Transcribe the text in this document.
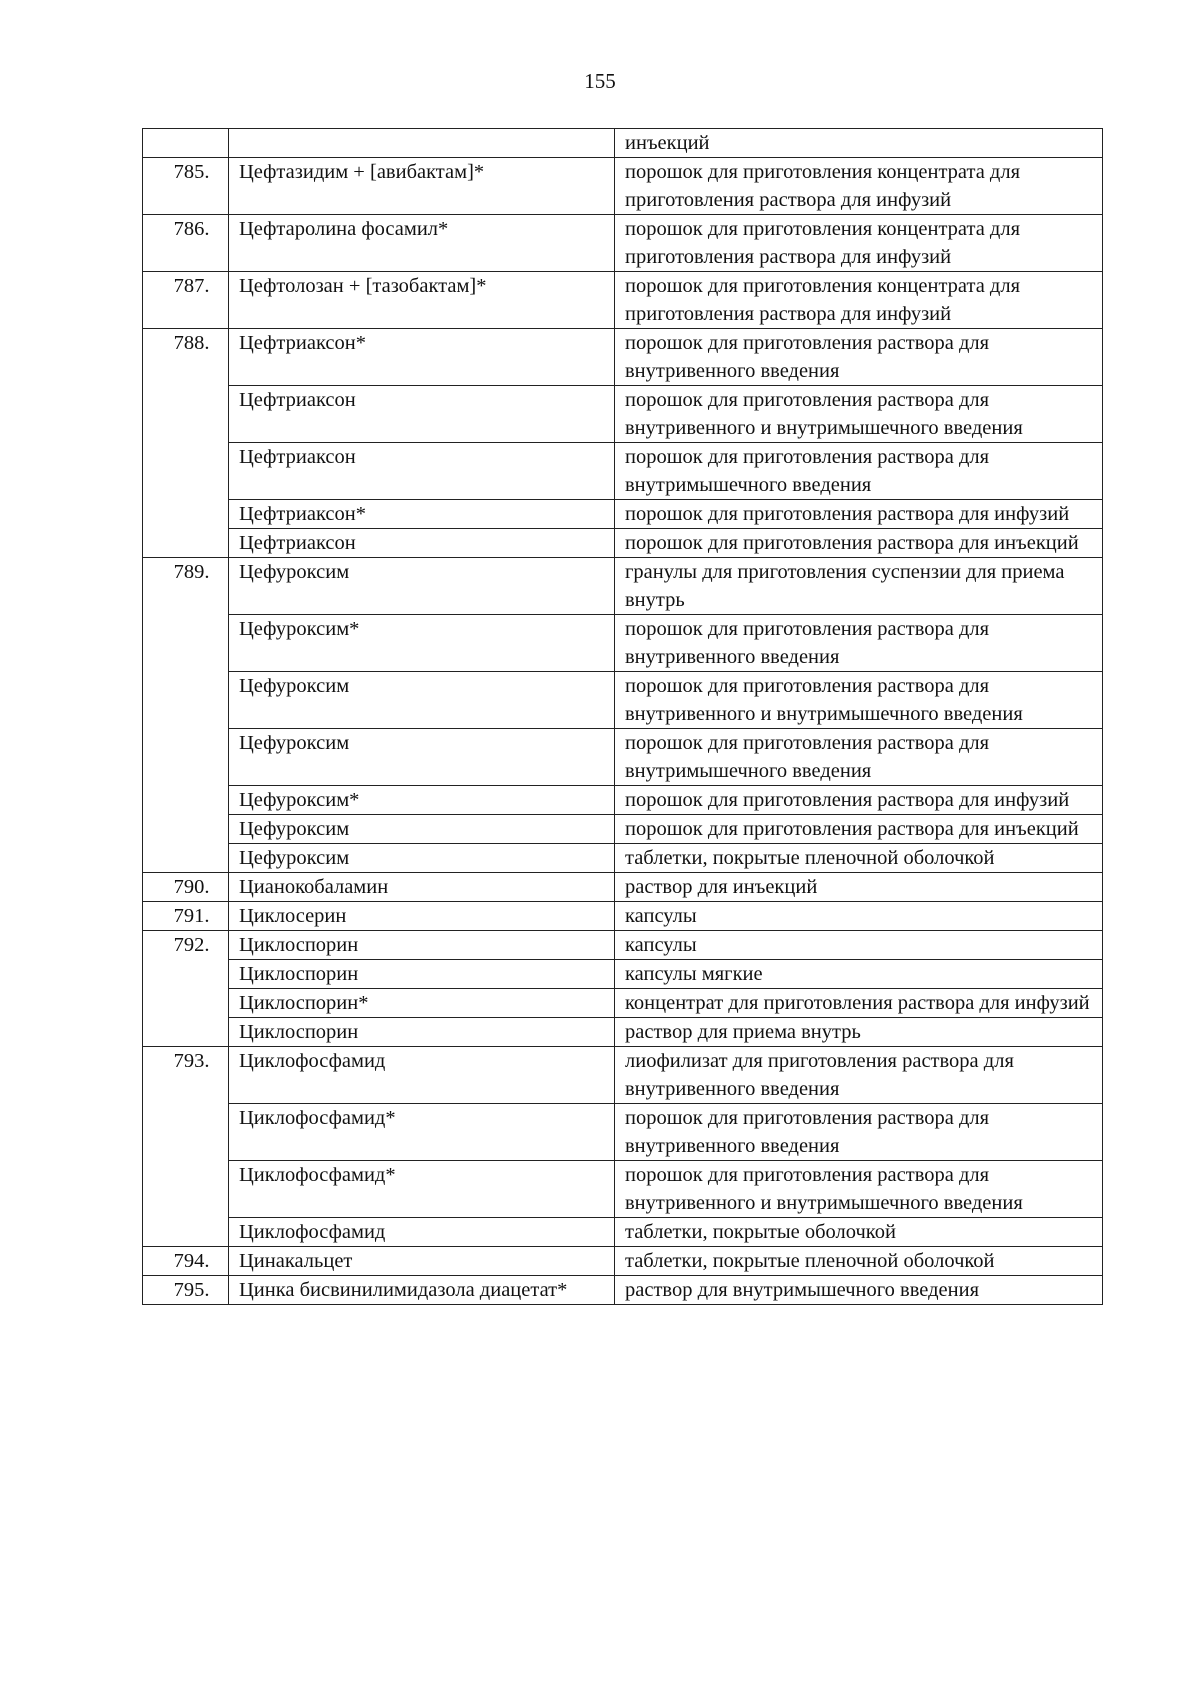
155
		инъекций
785.	Цефтазидим + [авибактам]*	порошок для приготовления концентрата для приготовления раствора для инфузий
786.	Цефтаролина фосамил*	порошок для приготовления концентрата для приготовления раствора для инфузий
787.	Цефтолозан + [тазобактам]*	порошок для приготовления концентрата для приготовления раствора для инфузий
788.	Цефтриаксон*	порошок для приготовления раствора для внутривенного введения
	Цефтриаксон	порошок для приготовления раствора для внутривенного и внутримышечного введения
	Цефтриаксон	порошок для приготовления раствора для внутримышечного введения
	Цефтриаксон*	порошок для приготовления раствора для инфузий
	Цефтриаксон	порошок для приготовления раствора для инъекций
789.	Цефуроксим	гранулы для приготовления суспензии для приема внутрь
	Цефуроксим*	порошок для приготовления раствора для внутривенного введения
	Цефуроксим	порошок для приготовления раствора для внутривенного и внутримышечного введения
	Цефуроксим	порошок для приготовления раствора для внутримышечного введения
	Цефуроксим*	порошок для приготовления раствора для инфузий
	Цефуроксим	порошок для приготовления раствора для инъекций
	Цефуроксим	таблетки, покрытые пленочной оболочкой
790.	Цианокобаламин	раствор для инъекций
791.	Циклосерин	капсулы
792.	Циклоспорин	капсулы
	Циклоспорин	капсулы мягкие
	Циклоспорин*	концентрат для приготовления раствора для инфузий
	Циклоспорин	раствор для приема внутрь
793.	Циклофосфамид	лиофилизат для приготовления раствора для внутривенного введения
	Циклофосфамид*	порошок для приготовления раствора для внутривенного введения
	Циклофосфамид*	порошок для приготовления раствора для внутривенного и внутримышечного введения
	Циклофосфамид	таблетки, покрытые оболочкой
794.	Цинакальцет	таблетки, покрытые пленочной оболочкой
795.	Цинка бисвинилимидазола диацетат*	раствор для внутримышечного введения
